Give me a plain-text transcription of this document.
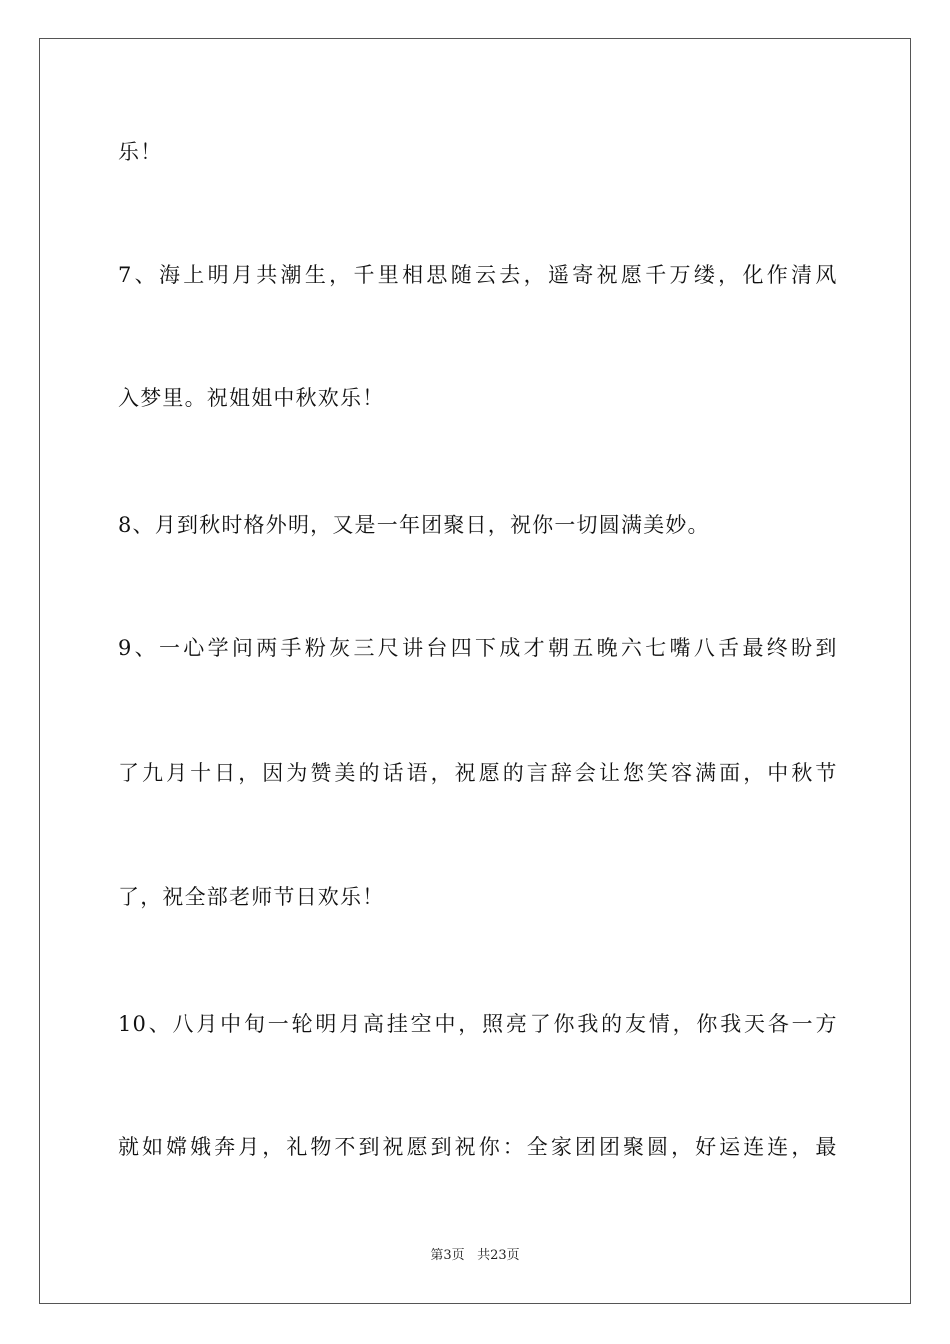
乐！
7 、 海 上 明 月 共 潮 生 ， 千 里 相 思 随 云 去 ， 遥 寄 祝 愿 千 万 缕 ， 化 作 清 风
入梦里。祝姐姐中秋欢乐！
8、月到秋时格外明，又是一年团聚日，祝你一切圆满美妙。
9 、 一 心 学 问 两 手 粉 灰 三 尺 讲 台 四 下 成 才 朝 五 晚 六 七 嘴 八 舌 最 终 盼 到
了 九 月 十 日 ， 因 为 赞 美 的 话 语 ， 祝 愿 的 言 辞 会 让 您 笑 容 满 面 ， 中 秋 节
了，祝全部老师节日欢乐！
10 、 八 月 中 旬 一 轮 明 月 高 挂 空 中 ， 照 亮 了 你 我 的 友 情 ， 你 我 天 各 一 方
就 如 嫦 娥 奔 月 ， 礼 物 不 到 祝 愿 到 祝 你 ： 全 家 团 团 聚 圆 ， 好 运 连 连 ， 最
第3页 共23页
